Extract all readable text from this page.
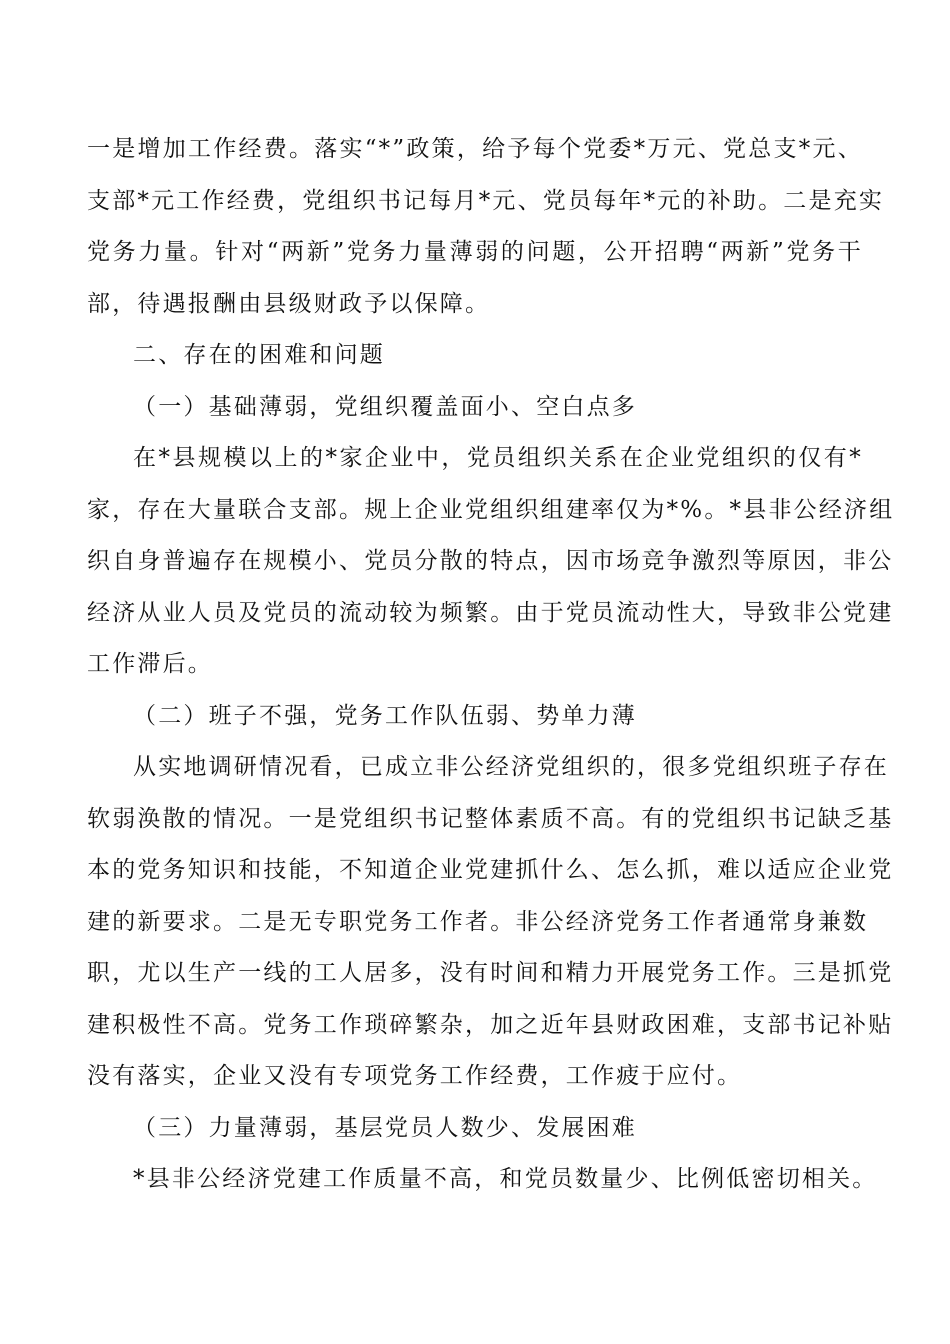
一是增加工作经费。落实“*”政策，给予每个党委*万元、党总支*元、
支部*元工作经费，党组织书记每月*元、党员每年*元的补助。二是充实
党务力量。针对“两新”党务力量薄弱的问题，公开招聘“两新”党务干
部，待遇报酬由县级财政予以保障。

二、存在的困难和问题

（一）基础薄弱，党组织覆盖面小、空白点多

在*县规模以上的*家企业中，党员组织关系在企业党组织的仅有*
家，存在大量联合支部。规上企业党组织组建率仅为*%。*县非公经济组
织自身普遍存在规模小、党员分散的特点，因市场竞争激烈等原因，非公
经济从业人员及党员的流动较为频繁。由于党员流动性大，导致非公党建
工作滞后。

（二）班子不强，党务工作队伍弱、势单力薄

从实地调研情况看，已成立非公经济党组织的，很多党组织班子存在
软弱涣散的情况。一是党组织书记整体素质不高。有的党组织书记缺乏基
本的党务知识和技能，不知道企业党建抓什么、怎么抓，难以适应企业党
建的新要求。二是无专职党务工作者。非公经济党务工作者通常身兼数
职，尤以生产一线的工人居多，没有时间和精力开展党务工作。三是抓党
建积极性不高。党务工作琐碎繁杂，加之近年县财政困难，支部书记补贴
没有落实，企业又没有专项党务工作经费，工作疲于应付。

（三）力量薄弱，基层党员人数少、发展困难

*县非公经济党建工作质量不高，和党员数量少、比例低密切相关。
